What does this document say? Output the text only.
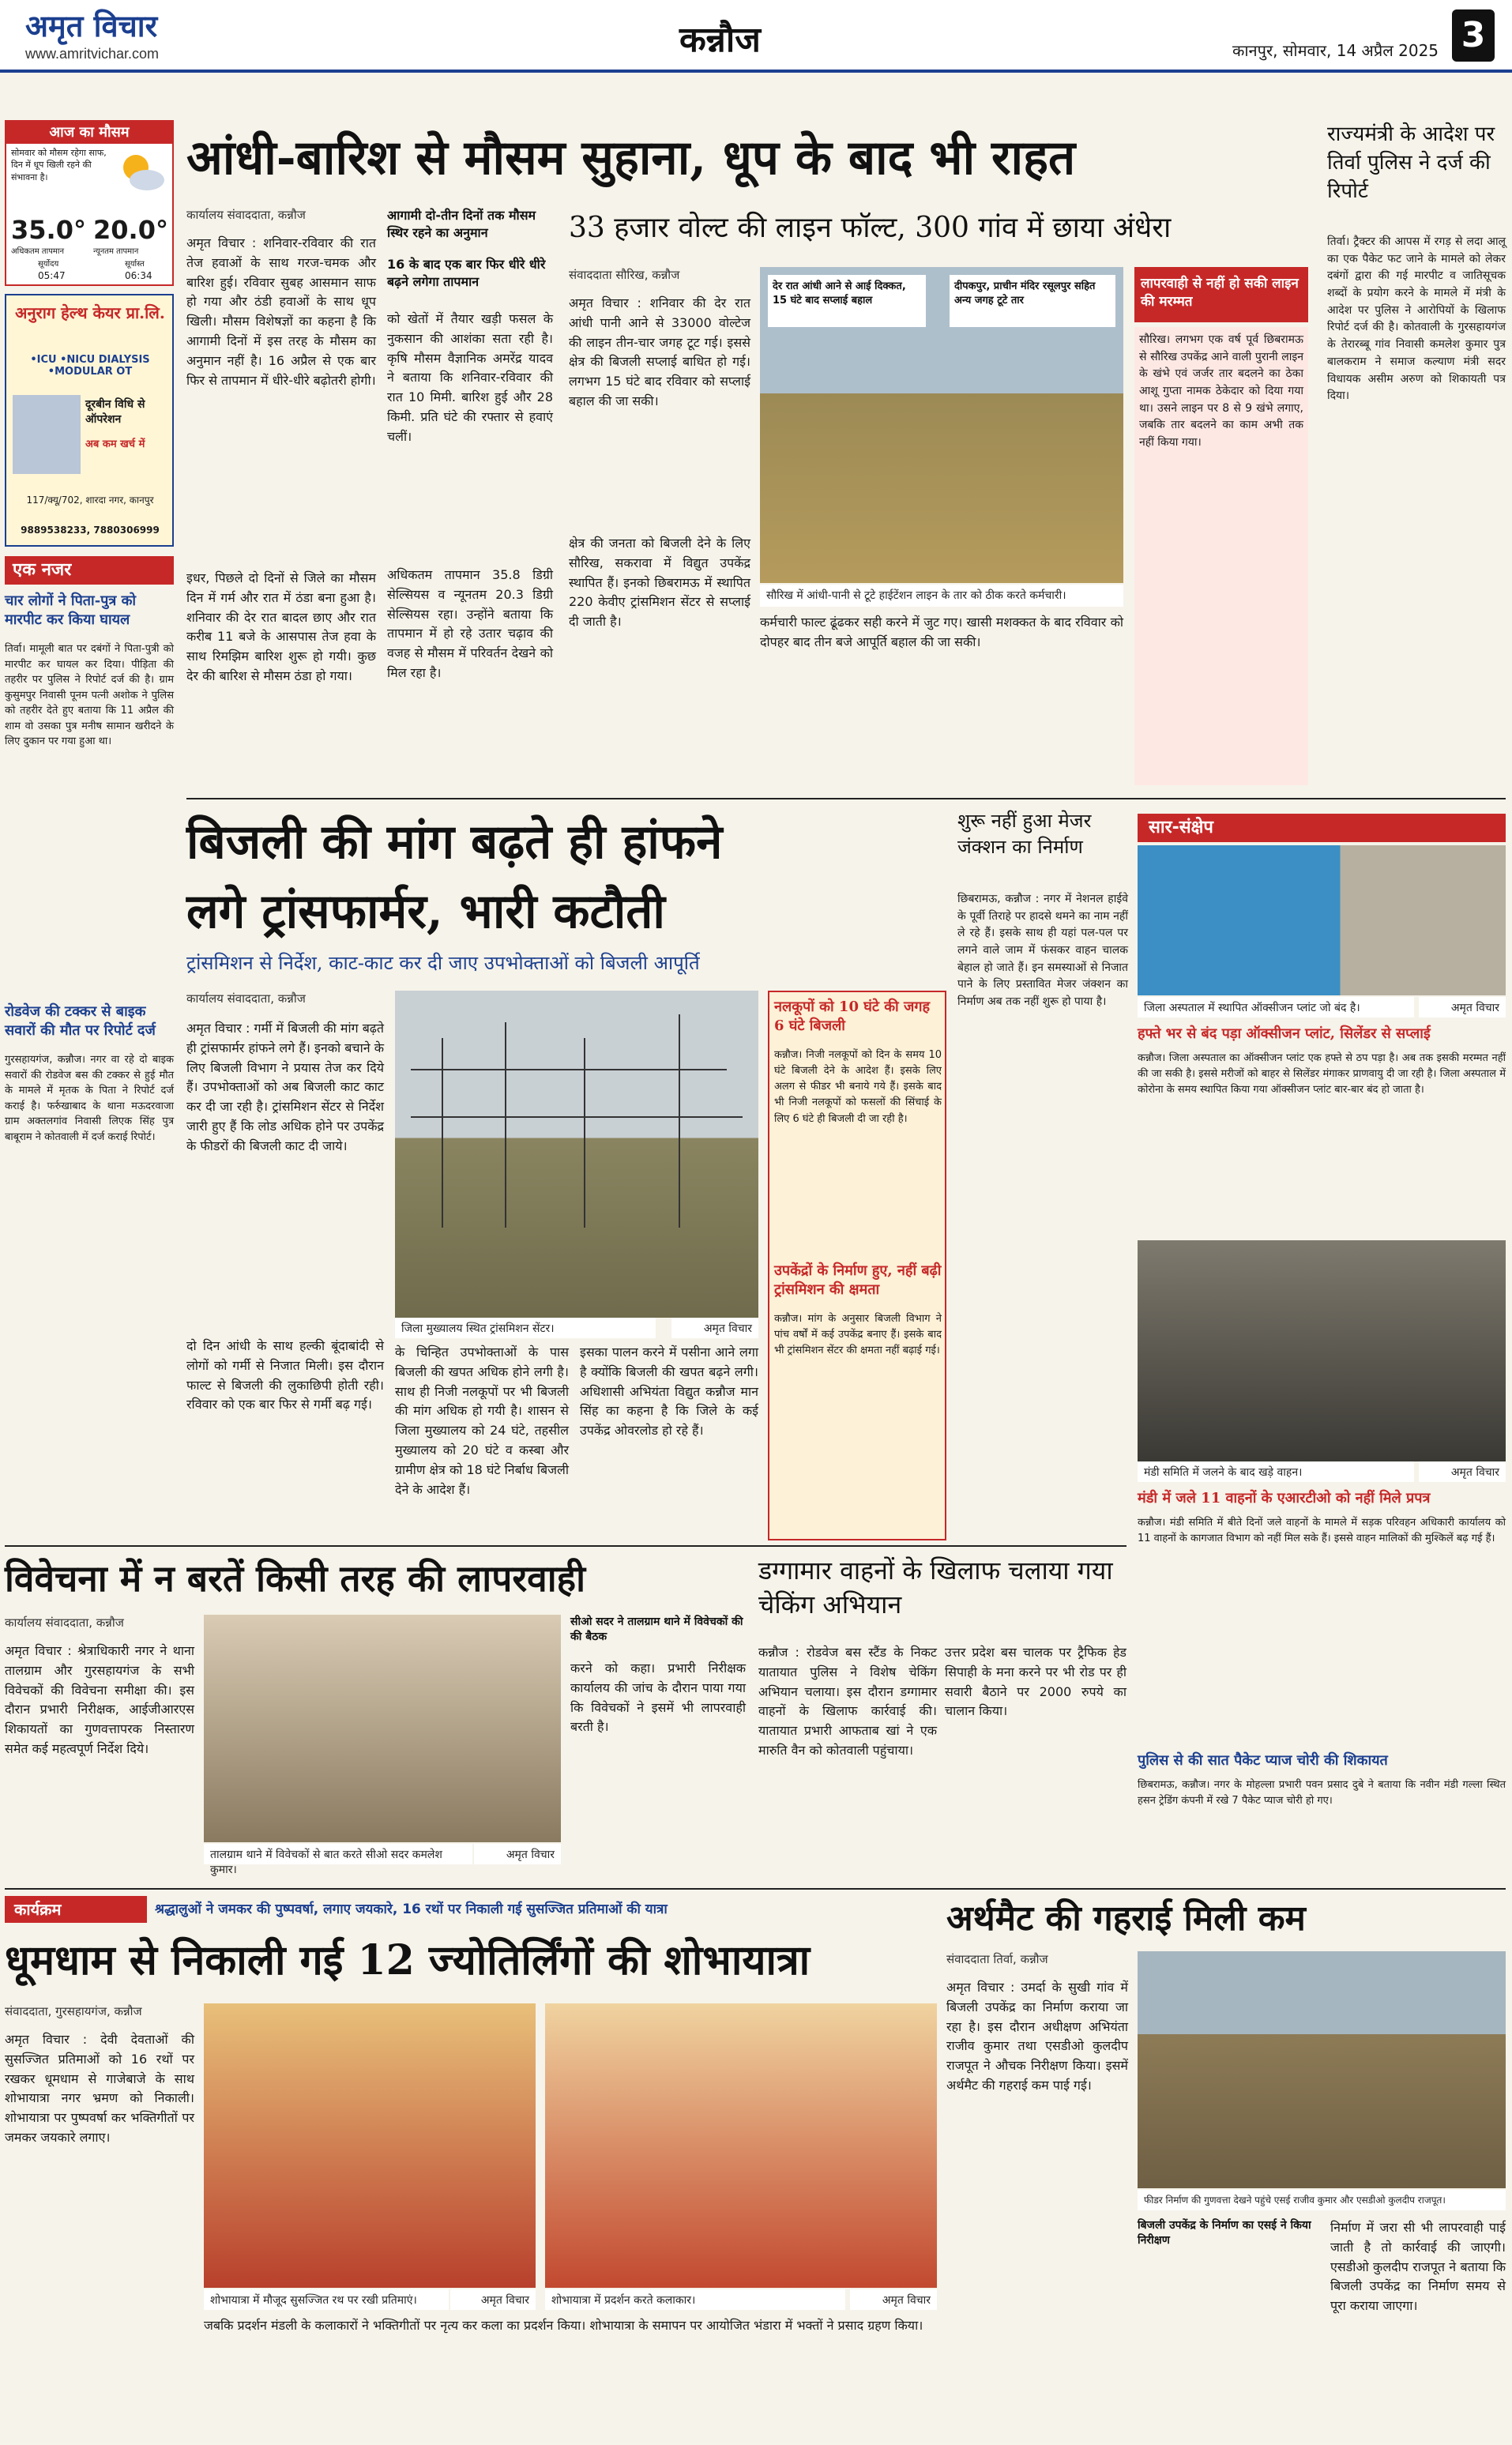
अमृत विचार
www.amritvichar.com	कन्नौज	कानपुर, सोमवार, 14 अप्रैल 2025 3
आज का मौसम
सोमवार को मौसम रहेगा साफ, दिन में धूप खिली रहने की संभावना है।
35.0° 20.0°
अधिकतम तापमान	न्यूनतम तापमान
सूर्योदय
05:47
सूर्यास्त
06:34
अनुराग हेल्थ केयर प्रा.लि.
•ICU •NICU DIALYSIS •MODULAR OT
दूरबीन विधि से ऑपरेशन
अब कम खर्च में
117/क्यू/702, शारदा नगर, कानपुर
9889538233, 7880306999
एक नजर
चार लोगों ने पिता-पुत्र को मारपीट कर किया घायल
तिर्वा। मामूली बात पर दबंगों ने पिता-पुत्री को मारपीट कर घायल कर दिया। पीड़िता की तहरीर पर पुलिस ने रिपोर्ट दर्ज की है। ग्राम कुसुमपुर निवासी पूनम पत्नी अशोक ने पुलिस को तहरीर देते हुए बताया कि 11 अप्रैल की शाम वो उसका पुत्र मनीष सामान खरीदने के लिए दुकान पर गया हुआ था।
रोडवेज की टक्कर से बाइक सवारों की मौत पर रिपोर्ट दर्ज
गुरसहायगंज, कन्नौज। नगर वा रहे दो बाइक सवारों की रोडवेज बस की टक्कर से हुई मौत के मामले में मृतक के पिता ने रिपोर्ट दर्ज कराई है। फर्रुखाबाद के थाना मऊदरवाजा ग्राम अक्तलगांव निवासी लिएक सिंह पुत्र बाबूराम ने कोतवाली में दर्ज कराई रिपोर्ट।
आंधी-बारिश से मौसम सुहाना, धूप के बाद भी राहत
कार्यालय संवाददाता, कन्नौज
अमृत विचार : शनिवार-रविवार की रात तेज हवाओं के साथ गरज-चमक और बारिश हुई। रविवार सुबह आसमान साफ हो गया और ठंडी हवाओं के साथ धूप खिली। मौसम विशेषज्ञों का कहना है कि आगामी दिनों में इस तरह के मौसम का अनुमान नहीं है। 16 अप्रैल से एक बार फिर से तापमान में धीरे-धीरे बढ़ोतरी होगी।
इधर, पिछले दो दिनों से जिले का मौसम दिन में गर्म और रात में ठंडा बना हुआ है। शनिवार की देर रात बादल छाए और रात करीब 11 बजे के आसपास तेज हवा के साथ रिमझिम बारिश शुरू हो गयी। कुछ देर की बारिश से मौसम ठंडा हो गया।
आगामी दो-तीन दिनों तक मौसम स्थिर रहने का अनुमान
16 के बाद एक बार फिर धीरे धीरे बढ़ने लगेगा तापमान
को खेतों में तैयार खड़ी फसल के नुकसान की आशंका सता रही है। कृषि मौसम वैज्ञानिक अमरेंद्र यादव ने बताया कि शनिवार-रविवार की रात 10 मिमी. बारिश हुई और 28 किमी. प्रति घंटे की रफ्तार से हवाएं चलीं।
अधिकतम तापमान 35.8 डिग्री सेल्सियस व न्यूनतम 20.3 डिग्री सेल्सियस रहा। उन्होंने बताया कि तापमान में हो रहे उतार चढ़ाव की वजह से मौसम में परिवर्तन देखने को मिल रहा है।
33 हजार वोल्ट की लाइन फॉल्ट, 300 गांव में छाया अंधेरा
संवाददाता सौरिख, कन्नौज
अमृत विचार : शनिवार की देर रात आंधी पानी आने से 33000 वोल्टेज की लाइन तीन-चार जगह टूट गई। इससे क्षेत्र की बिजली सप्लाई बाधित हो गई। लगभग 15 घंटे बाद रविवार को सप्लाई बहाल की जा सकी।
क्षेत्र की जनता को बिजली देने के लिए सौरिख, सकरावा में विद्युत उपकेंद्र स्थापित हैं। इनको छिबरामऊ में स्थापित 220 केवीए ट्रांसमिशन सेंटर से सप्लाई दी जाती है।
देर रात आंधी आने से आई दिक्कत, 15 घंटे बाद सप्लाई बहाल
दीपकपुर, प्राचीन मंदिर रसूलपुर सहित अन्य जगह टूटे तार
सौरिख में आंधी-पानी से टूटे हाईटेंशन लाइन के तार को ठीक करते कर्मचारी।
कर्मचारी फाल्ट ढूंढकर सही करने में जुट गए। खासी मशक्कत के बाद रविवार को दोपहर बाद तीन बजे आपूर्ति बहाल की जा सकी।
लापरवाही से नहीं हो सकी लाइन की मरम्मत
सौरिख। लगभग एक वर्ष पूर्व छिबरामऊ से सौरिख उपकेंद्र आने वाली पुरानी लाइन के खंभे एवं जर्जर तार बदलने का ठेका आशू गुप्ता नामक ठेकेदार को दिया गया था। उसने लाइन पर 8 से 9 खंभे लगाए, जबकि तार बदलने का काम अभी तक नहीं किया गया।
राज्यमंत्री के आदेश पर तिर्वा पुलिस ने दर्ज की रिपोर्ट
तिर्वा। ट्रैक्टर की आपस में रगड़ से लदा आलू का एक पैकेट फट जाने के मामले को लेकर दबंगों द्वारा की गई मारपीट व जातिसूचक शब्दों के प्रयोग करने के मामले में मंत्री के आदेश पर पुलिस ने आरोपियों के खिलाफ रिपोर्ट दर्ज की है। कोतवाली के गुरसहायगंज के तेरारब्बू गांव निवासी कमलेश कुमार पुत्र बालकराम ने समाज कल्याण मंत्री सदर विधायक असीम अरुण को शिकायती पत्र दिया।
बिजली की मांग बढ़ते ही हांफने
लगे ट्रांसफार्मर, भारी कटौती
ट्रांसमिशन से निर्देश, काट-काट कर दी जाए उपभोक्ताओं को बिजली आपूर्ति
कार्यालय संवाददाता, कन्नौज
अमृत विचार : गर्मी में बिजली की मांग बढ़ते ही ट्रांसफार्मर हांफने लगे हैं। इनको बचाने के लिए बिजली विभाग ने प्रयास तेज कर दिये हैं। उपभोक्ताओं को अब बिजली काट काट कर दी जा रही है। ट्रांसमिशन सेंटर से निर्देश जारी हुए हैं कि लोड अधिक होने पर उपकेंद्र के फीडरों की बिजली काट दी जाये।
दो दिन आंधी के साथ हल्की बूंदाबांदी से लोगों को गर्मी से निजात मिली। इस दौरान फाल्ट से बिजली की लुकाछिपी होती रही। रविवार को एक बार फिर से गर्मी बढ़ गई।
जिला मुख्यालय स्थित ट्रांसमिशन सेंटर।	अमृत विचार
के चिन्हित उपभोक्ताओं के पास बिजली की खपत अधिक होने लगी है। साथ ही निजी नलकूपों पर भी बिजली की मांग अधिक हो गयी है। शासन से जिला मुख्यालय को 24 घंटे, तहसील मुख्यालय को 20 घंटे व कस्बा और ग्रामीण क्षेत्र को 18 घंटे निर्बाध बिजली देने के आदेश हैं।
इसका पालन करने में पसीना आने लगा है क्योंकि बिजली की खपत बढ़ने लगी। अधिशासी अभियंता विद्युत कन्नौज मान सिंह का कहना है कि जिले के कई उपकेंद्र ओवरलोड हो रहे हैं।
नलकूपों को 10 घंटे की जगह 6 घंटे बिजली
कन्नौज। निजी नलकूपों को दिन के समय 10 घंटे बिजली देने के आदेश हैं। इसके लिए अलग से फीडर भी बनाये गये हैं। इसके बाद भी निजी नलकूपों को फसलों की सिंचाई के लिए 6 घंटे ही बिजली दी जा रही है।
उपकेंद्रों के निर्माण हुए, नहीं बढ़ी ट्रांसमिशन की क्षमता
कन्नौज। मांग के अनुसार बिजली विभाग ने पांच वर्षों में कई उपकेंद्र बनाए हैं। इसके बाद भी ट्रांसमिशन सेंटर की क्षमता नहीं बढ़ाई गई।
शुरू नहीं हुआ मेजर जंक्शन का निर्माण
छिबरामऊ, कन्नौज : नगर में नेशनल हाईवे के पूर्वी तिराहे पर हादसे थमने का नाम नहीं ले रहे हैं। इसके साथ ही यहां पल-पल पर लगने वाले जाम में फंसकर वाहन चालक बेहाल हो जाते हैं। इन समस्याओं से निजात पाने के लिए प्रस्तावित मेजर जंक्शन का निर्माण अब तक नहीं शुरू हो पाया है।
सार-संक्षेप
जिला अस्पताल में स्थापित ऑक्सीजन प्लांट जो बंद है।	अमृत विचार
हफ्ते भर से बंद पड़ा ऑक्सीजन प्लांट, सिलेंडर से सप्लाई
कन्नौज। जिला अस्पताल का ऑक्सीजन प्लांट एक हफ्ते से ठप पड़ा है। अब तक इसकी मरम्मत नहीं की जा सकी है। इससे मरीजों को बाहर से सिलेंडर मंगाकर प्राणवायु दी जा रही है। जिला अस्पताल में कोरोना के समय स्थापित किया गया ऑक्सीजन प्लांट बार-बार बंद हो जाता है।
मंडी समिति में जलने के बाद खड़े वाहन।	अमृत विचार
मंडी में जले 11 वाहनों के एआरटीओ को नहीं मिले प्रपत्र
कन्नौज। मंडी समिति में बीते दिनों जले वाहनों के मामले में सड़क परिवहन अधिकारी कार्यालय को 11 वाहनों के कागजात विभाग को नहीं मिल सके हैं। इससे वाहन मालिकों की मुश्किलें बढ़ गई हैं।
पुलिस से की सात पैकेट प्याज चोरी की शिकायत
छिबरामऊ, कन्नौज। नगर के मोहल्ला प्रभारी पवन प्रसाद दुबे ने बताया कि नवीन मंडी गल्ला स्थित हसन ट्रेडिंग कंपनी में रखे 7 पैकेट प्याज चोरी हो गए।
विवेचना में न बरतें किसी तरह की लापरवाही
कार्यालय संवाददाता, कन्नौज
अमृत विचार : श्रेत्राधिकारी नगर ने थाना तालग्राम और गुरसहायगंज के सभी विवेचकों की विवेचना समीक्षा की। इस दौरान प्रभारी निरीक्षक, आईजीआरएस शिकायतों का गुणवत्तापरक निस्तारण समेत कई महत्वपूर्ण निर्देश दिये।
तालग्राम थाने में विवेचकों से बात करते सीओ सदर कमलेश कुमार।
अमृत विचार
सीओ सदर ने तालग्राम थाने में विवेचकों की की बैठक
करने को कहा। प्रभारी निरीक्षक कार्यालय की जांच के दौरान पाया गया कि विवेचकों ने इसमें भी लापरवाही बरती है।
डग्गामार वाहनों के खिलाफ चलाया गया चेकिंग अभियान
कन्नौज : रोडवेज बस स्टैंड के निकट यातायात पुलिस ने विशेष चेकिंग अभियान चलाया। इस दौरान डग्गामार वाहनों के खिलाफ कार्रवाई की। यातायात प्रभारी आफताब खां ने एक मारुति वैन को कोतवाली पहुंचाया।
उत्तर प्रदेश बस चालक पर ट्रैफिक हेड सिपाही के मना करने पर भी रोड पर ही सवारी बैठाने पर 2000 रुपये का चालान किया।
कार्यक्रम	श्रद्धालुओं ने जमकर की पुष्पवर्षा, लगाए जयकारे, 16 रथों पर निकाली गई सुसज्जित प्रतिमाओं की यात्रा
धूमधाम से निकाली गई 12 ज्योतिर्लिंगों की शोभायात्रा
संवाददाता, गुरसहायगंज, कन्नौज
अमृत विचार : देवी देवताओं की सुसज्जित प्रतिमाओं को 16 रथों पर रखकर धूमधाम से गाजेबाजे के साथ शोभायात्रा नगर भ्रमण को निकाली। शोभायात्रा पर पुष्पवर्षा कर भक्तिगीतों पर जमकर जयकारे लगाए।
शोभायात्रा में मौजूद सुसज्जित रथ पर रखी प्रतिमाएं।	अमृत विचार	शोभायात्रा में प्रदर्शन करते कलाकार।	अमृत विचार
जबकि प्रदर्शन मंडली के कलाकारों ने भक्तिगीतों पर नृत्य कर कला का प्रदर्शन किया। शोभायात्रा के समापन पर आयोजित भंडारा में भक्तों ने प्रसाद ग्रहण किया।
अर्थमैट की गहराई मिली कम
संवाददाता तिर्वा, कन्नौज
अमृत विचार : उमर्दा के सुखी गांव में बिजली उपकेंद्र का निर्माण कराया जा रहा है। इस दौरान अधीक्षण अभियंता राजीव कुमार तथा एसडीओ कुलदीप राजपूत ने औचक निरीक्षण किया। इसमें अर्थमैट की गहराई कम पाई गई।
फीडर निर्माण की गुणवत्ता देखने पहुंचे एसई राजीव कुमार और एसडीओ कुलदीप राजपूत।
बिजली उपकेंद्र के निर्माण का एसई ने किया निरीक्षण
निर्माण में जरा सी भी लापरवाही पाई जाती है तो कार्रवाई की जाएगी। एसडीओ कुलदीप राजपूत ने बताया कि बिजली उपकेंद्र का निर्माण समय से पूरा कराया जाएगा।
